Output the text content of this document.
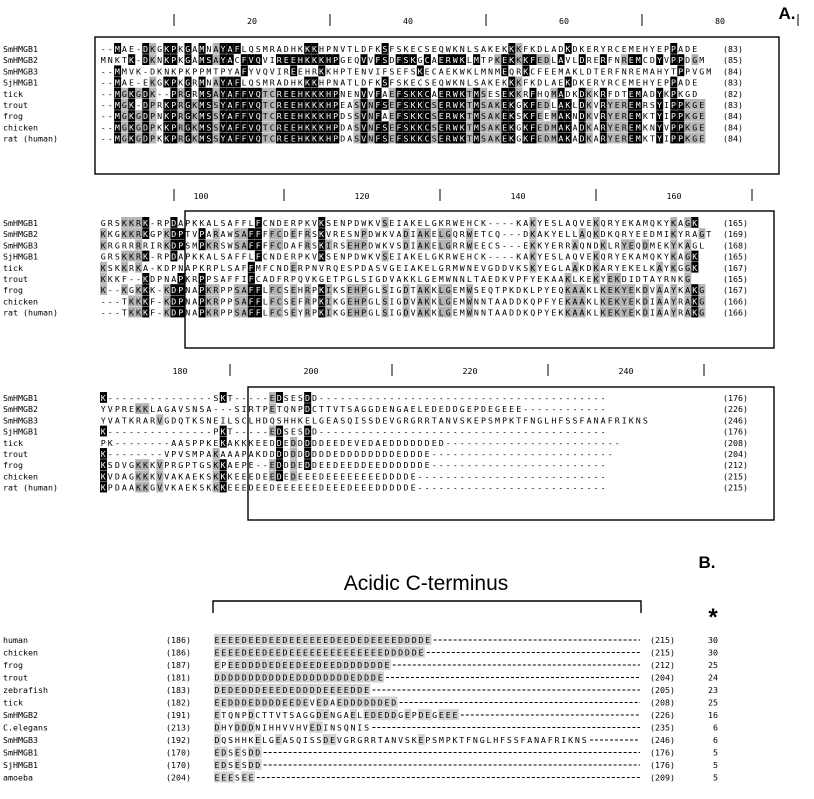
20	40	60	80
SmHMGB1	- - M A E - D K G K P K G A M N A Y A F L Q S M R A D H K K K H P N V T L D F K S F S K E C S E Q W K N L S A K E K K K F K D L A D K D K E R Y R C E M E H Y E P P A D E	(83)
SmHMGB2	M N K T K - D K N K P K G A M S A Y A C F V Q V I R E E H K K K H P G E Q V V F S D F S K G C A E R W K L M T P K E K K K F E D L A V L D R E R F N R E M C D Y V P P D G M (85)
SmHMGB3	- - M M V K - D K N K P K P P M T P Y A F Y V Q V I R E E H R K K H P T E N V I F S E F S K E C A E K W K L M N M E Q R K C F E E M A K L D T E R F N R E M A H Y T P P V G M (84)
SjHMGB1	- - M A E - E K G K P K G R M N A Y A F L Q S M R A D H K K K H P N A T L D F K S F S K E C S E Q W K N L S A K E K K K F K D L A E K D K E R Y R C E M E H Y E P P A D E	(83)
tick	- - M G K G D K - - P R G R M S A Y A F F V Q T C R E E H K K K H P N E N V V F A E F S K K C A E R W K T M S E S E K K R F H Q M A D K D K K R F D T E M A D Y K P K G D	(82)
trout	- - M G K - D P R K P R G K M S S Y A F F V Q T C R E E H K K K H P E A S V N F S E F S K K C S E R W K T M S A K E K G K F E D L A K L D K V R Y E R E M R S Y I P P K G E (83)
frog	- - M G K G D P N K P R G K M S S Y A F F V Q T C R E E H K K K H P D S S V N F A E F S K K C S E R W K T M S A K E K S K F E E M A K N D K V R Y E R E M K T Y I P P K G E (84)
chicken	- - M G K G D P K K P R G K M S S Y A F F V Q T C R E E H K K K H P D A S V N F S E F S K K C S E R W K T M S A K E K G K F E D M A K A D K A R Y E R E M K N Y V P P K G E (84)
rat (human)	- - M G K G D P K K P R G K M S S Y A F F V Q T C R E E H K K K H P D A S V N F S E F S K K C S E R W K T M S A K E K G K F E D M A K A D K A R Y E R E M K T Y I P P K G E (84)
100	120	140	160
SmHMGB1	G R S K K R K - R P D A P K K A L S A F F L F C N D E R P K V K S E N P D W K V S E I A K E L G K R W E H C K - - - - K A K Y E S L A Q V E K Q R Y E K A M Q K Y K A G K	(165)
SmHMGB2	K K G K K R K G P K D P T V P A R A W S A F F F F C D E F R S K V R E S N P D W K V A D I A K E L G Q R W E T C Q - - - D K A K Y E L L A Q K D K Q R Y E E D M I K Y R A G T (169)
SmHMGB3	K R G R R R R I R K D P S M P K R S W S A F F F F C D A F R S K I R S E H P D W K V S D I A K E L G R R W E E C S - - - E K K Y E R R A Q N D K L R Y E Q D M E K Y K A G L (168)
SjHMGB1	G R S K K R K - R P D A P K K A L S A F F L F C N D E R P K V K S E N P D W K V S E I A K E L G K R W E H C K - - - - K A K Y E S L A Q V E K Q R Y E K A M Q K Y K A G K	(165)
tick	K S K K R K A - K D P N A P K R P L S A F F M F C N D E R P N V R Q E S P D A S V G E I A K E L G R M W N E V G D D V K S K Y E G L A A K D K A R Y E K E L K A Y K G G K	(167)
trout	K K K F - - K D P N A P K R P P S A F F I F C A D F R P Q V K G E T P G L S I G D V A K K L G E M W N N L T A E D K V P F Y E K A A K L K E K Y E K D I D T A Y R N K G	(165)
frog	K - - K G K K K - K D P N A P K R P P S A F F L F C S E H R P K I K S E H P G L S I G D T A K K L G E M W S E Q T P K D K L P Y E Q K A A K L K E K Y E K D V A A Y K A K G (167)
chicken	- - - T K K K F - K D P N A P K R P P S A F F L F C S E F R P K I K G E H P G L S I G D V A K K L G E M W N N T A A D D K Q P F Y E K A A K L K E K Y E K D I A A Y R A K G (166)
rat (human)	- - - T K K K F - K D P N A P K R P P S A F F L F C S E Y R P K I K G E H P G L S I G D V A K K L G E M W N N T A A D D K Q P Y E K K A A K L K E K Y E K D I A A Y R A K G (166)
180	200	220	240
SmHMGB1	K - - - - - - - - - - - - - - - S K T - - - - - E D S E S D D - - - - - - - - - - - - - - - - - - - - - - - - - - - - - - - - - - - - - - - - -	(176)
SmHMGB2	Y V P R E K K L A G A V S N S A - - - S I R T P E T Q N P D C T T V T S A G G D E N G A E L E D E D D G E P D E G E E E - - - - - - - - - - - -	(226)
SmHMGB3	Y V A T K R A R V G D Q T K S N E I L S C L H D Q S H H K E L G E A S Q I S S D E V G R G R R T A N V S K E P S M P K T F N G L H F S S F A N A F R I K N S	(246)
SjHMGB1	K - - - - - - - - - - - - - - - P K T - - - - - E D S E S D D - - - - - - - - - - - - - - - - - - - - - - - - - - - - - - - - - - - - - - - - -	(176)
tick	P K - - - - - - - - A A S P P K E K A K K K E E D D E D D D D D E E D E V E D A E D D D D D D E D - - - - - - - - - - - - - - - - - - - - - - - - -	(208)
trout	K - - - - - - - - V P V S M P A K A A A P A K D D D D D D D D D D E D D D D D D D D E D D D E - - - - - - - - - - - - - - - - - - - - - - - - - -	(204)
frog	K S D V G K K K V P R G P T G S K K A E P E - - E D D D E D D E E D E E D D E E D D D D D D E - - - - - - - - - - - - - - - - - - - - - - - - -	(212)
chicken	K V D A G K K K V V A K A E K S K K K E E E D E E D E D E E E D E E E E E E E E D D D D E - - - - - - - - - - - - - - - - - - - - - - - - - - -	(215)
rat (human)	K P D A A K K G V V K A E K S K K K E E E D E E D E E E E E E D E E E D E E E D D D D D E - - - - - - - - - - - - - - - - - - - - - - - - - - -	(215)
human	(186)	E E E E D E E D E E D E E E E E E D E E D E D E E E E D D D D E	(215)	30
chicken	(186)	E E E E D E E D E E D E E E E E E E E E E E E E E D D D D D E	(215)	30
frog	(187)	E P E E D D D D E D E E D E E D E E D D D D D D D E	(212)	25
trout	(181)	D D D D D D D D D D D E D D D D D D D D E D D D E	(204)	24
zebrafish	(183)	D E D E D D D E E E D E D D D D E E E E D D E	(205)	23
tick	(182)	E E D D D E D D D D E E D E V E D A E D D D D D D E D	(208)	25
SmHMGB2	(191)	E T Q N P D C T T V T S A G G D E N G A E L E D E D D G E P D E G E E E	(226)	16
C.elegans	(213)	D H Y D D D N I H H V V H V E D I N S Q N I S	(235)	6
SmHMGB3	(192)	D Q S H H K E L G E A S Q I S S D E V G R G R R T A N V S K E P S M P K T F N G L H F S S F A N A F R I K N S	(246)	6
SmHMGB1	(170)	E D S E S D D	(176)	5
SjHMGB1	(170)	E D S E S D D	(176)	5
amoeba	(204)	E E E S E E	(209)	5
A.
B.
Acidic C-terminus
*
